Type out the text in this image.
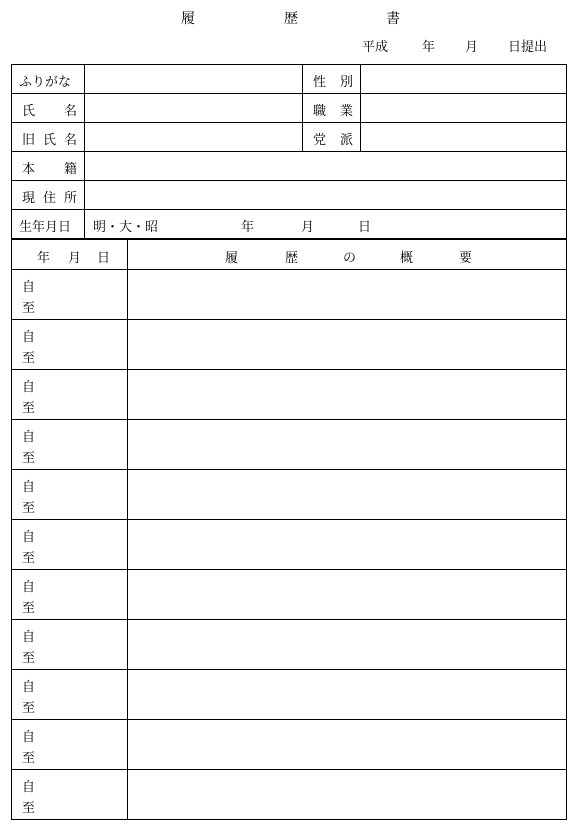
履	歴	書
平成	年 月 日提出
ふりがな		性 別	

氏 名		職 業	

旧 氏 名		党 派	

本 籍			

現 住 所			

生年月日	明・大・昭 年 月 日		
年 月 日	履 歴 の 概 要

自
至	

自
至	

自
至	

自
至	

自
至	

自
至	

自
至	

自
至	

自
至	

自
至	

自
至	
